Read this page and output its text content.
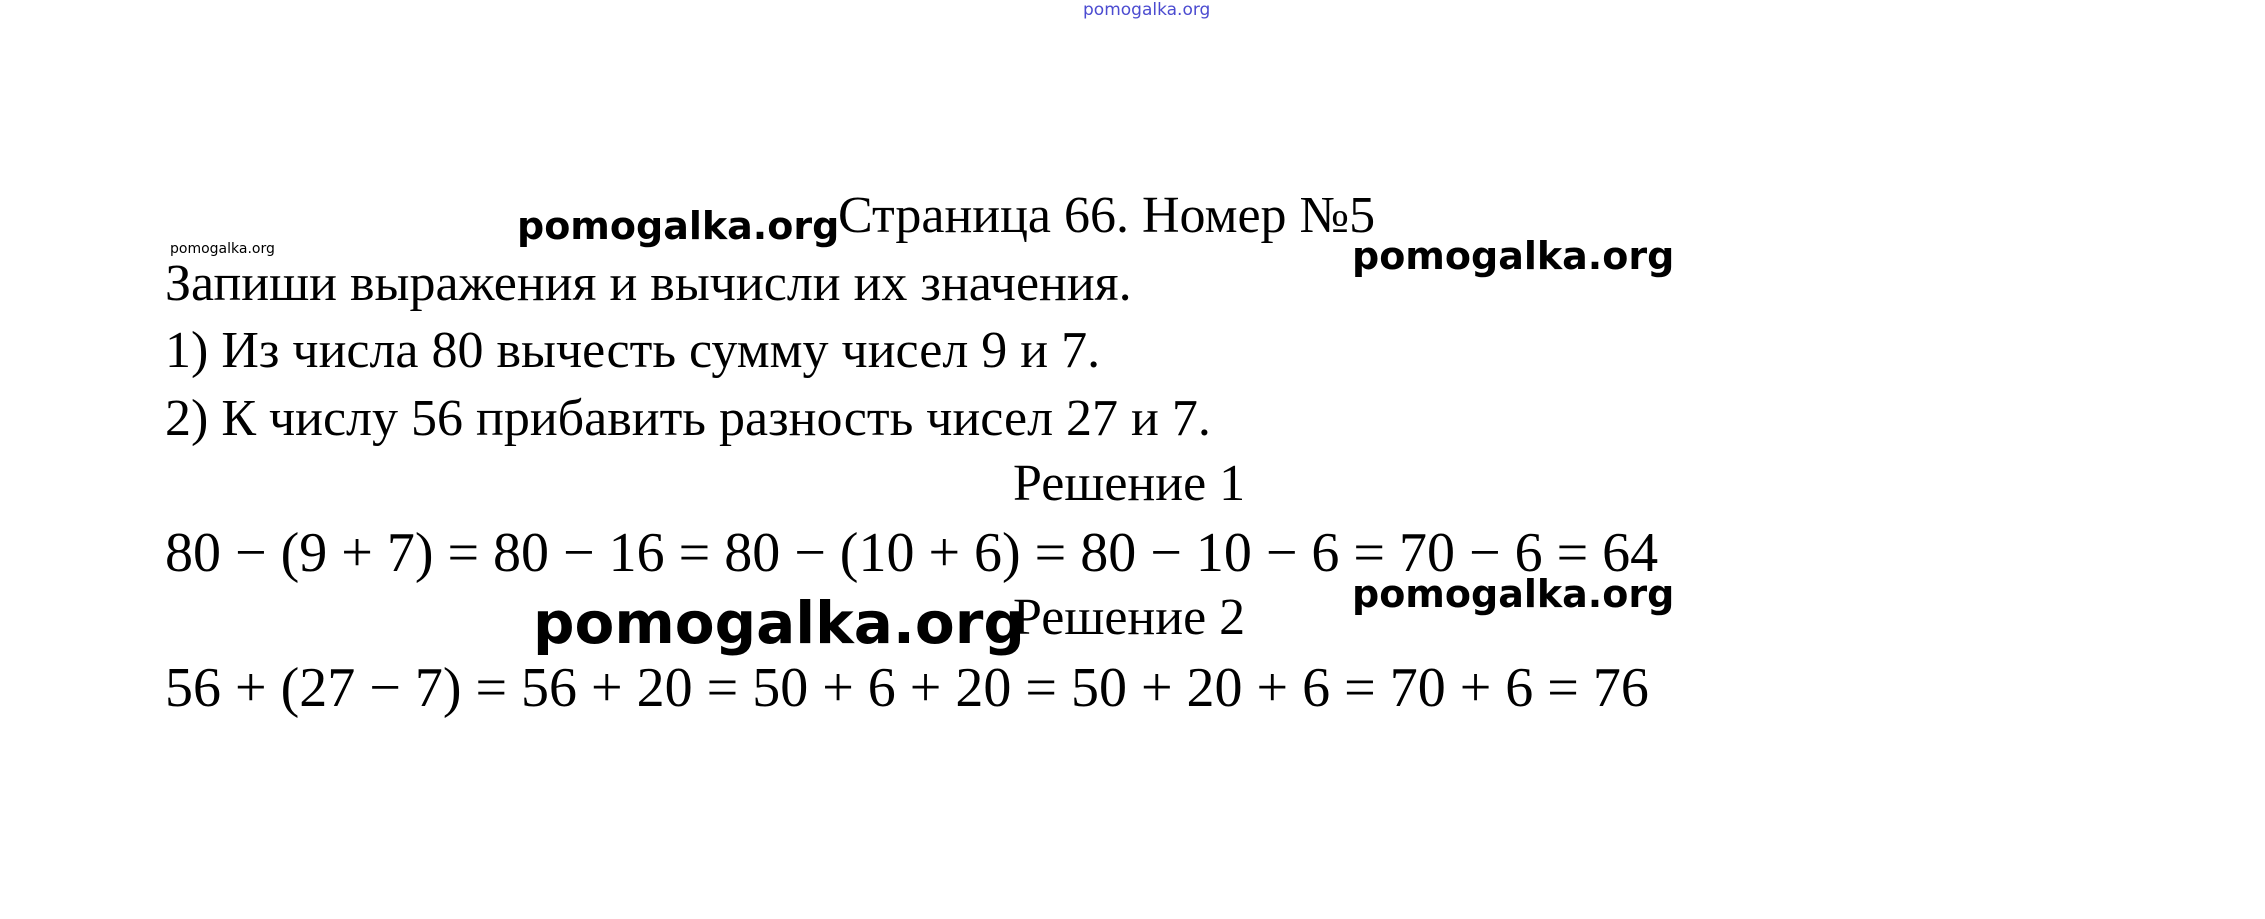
pomogalka.org
pomogalka.org
Страница 66. Номер №5
pomogalka.org
pomogalka.org
Запиши выражения и вычисли их значения.
1) Из числа 80 вычесть сумму чисел 9 и 7.
2) К числу 56 прибавить разность чисел 27 и 7.
Решение 1
80 − (9 + 7) = 80 − 16 = 80 − (10 + 6) = 80 − 10 − 6 = 70 − 6 = 64
pomogalka.org
pomogalka.org
Решение 2
56 + (27 − 7) = 56 + 20 = 50 + 6 + 20 = 50 + 20 + 6 = 70 + 6 = 76
